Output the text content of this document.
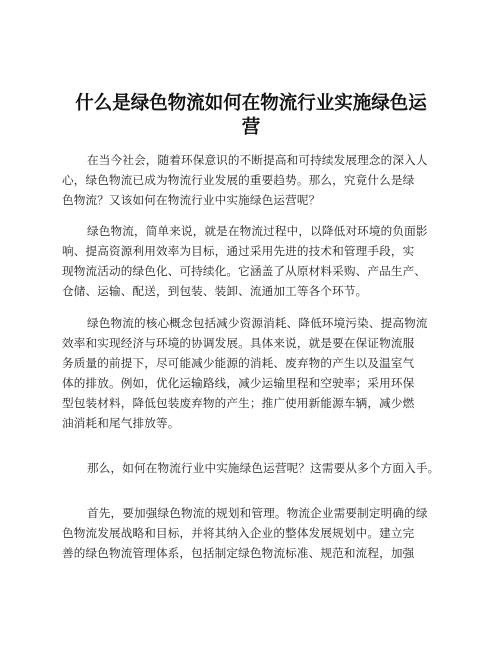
什么是绿色物流如何在物流行业实施绿色运
营
在当今社会，随着环保意识的不断提高和可持续发展理念的深入人
心，绿色物流已成为物流行业发展的重要趋势。那么，究竟什么是绿
色物流？又该如何在物流行业中实施绿色运营呢？
绿色物流，简单来说，就是在物流过程中，以降低对环境的负面影
响、提高资源利用效率为目标，通过采用先进的技术和管理手段，实
现物流活动的绿色化、可持续化。它涵盖了从原材料采购、产品生产、
仓储、运输、配送，到包装、装卸、流通加工等各个环节。
绿色物流的核心概念包括减少资源消耗、降低环境污染、提高物流
效率和实现经济与环境的协调发展。具体来说，就是要在保证物流服
务质量的前提下，尽可能减少能源的消耗、废弃物的产生以及温室气
体的排放。例如，优化运输路线，减少运输里程和空驶率；采用环保
型包装材料，降低包装废弃物的产生；推广使用新能源车辆，减少燃
油消耗和尾气排放等。
那么，如何在物流行业中实施绿色运营呢？这需要从多个方面入手。
首先，要加强绿色物流的规划和管理。物流企业需要制定明确的绿
色物流发展战略和目标，并将其纳入企业的整体发展规划中。建立完
善的绿色物流管理体系，包括制定绿色物流标准、规范和流程，加强
